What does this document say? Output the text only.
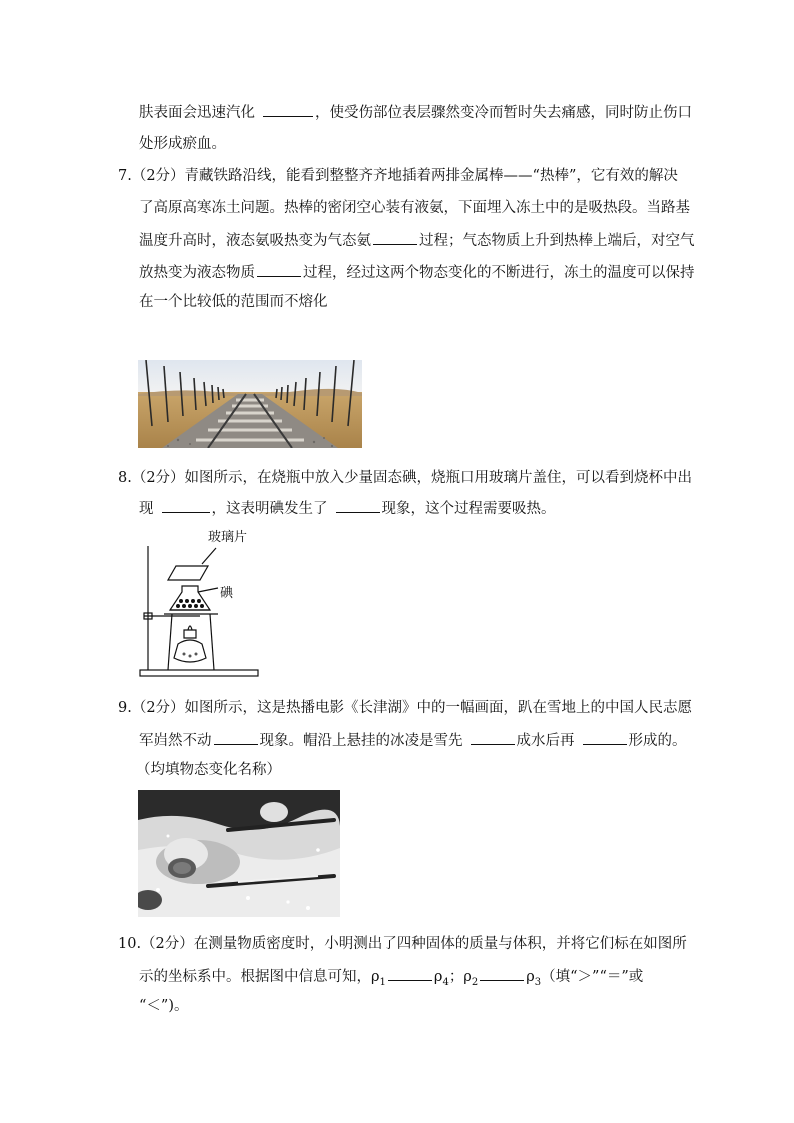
肤表面会迅速汽化	，使受伤部位表层骤然变冷而暂时失去痛感，同时防止伤口
处形成瘀血。
7.（2分）青藏铁路沿线，能看到整整齐齐地插着两排金属棒——“热棒”，它有效的解决
了高原高寒冻土问题。热棒的密闭空心装有液氨，下面埋入冻土中的是吸热段。当路基
温度升高时，液态氨吸热变为气态氨	过程；气态物质上升到热棒上端后，对空气
放热变为液态物质	过程，经过这两个物态变化的不断进行，冻土的温度可以保持
在一个比较低的范围而不熔化
8.（2分）如图所示，在烧瓶中放入少量固态碘，烧瓶口用玻璃片盖住，可以看到烧杯中出
现	，这表明碘发生了	现象，这个过程需要吸热。
玻璃片
碘
9.（2分）如图所示，这是热播电影《长津湖》中的一幅画面，趴在雪地上的中国人民志愿
军岿然不动	现象。帽沿上悬挂的冰凌是雪先	成水后再	形成的。
（均填物态变化名称）
10.（2分）在测量物质密度时，小明测出了四种固体的质量与体积，并将它们标在如图所
示的坐标系中。根据图中信息可知，$\rho_1$	$\rho_4$；$\rho_2$	$\rho_3$（填“＞”“＝”或
“＜”)。
